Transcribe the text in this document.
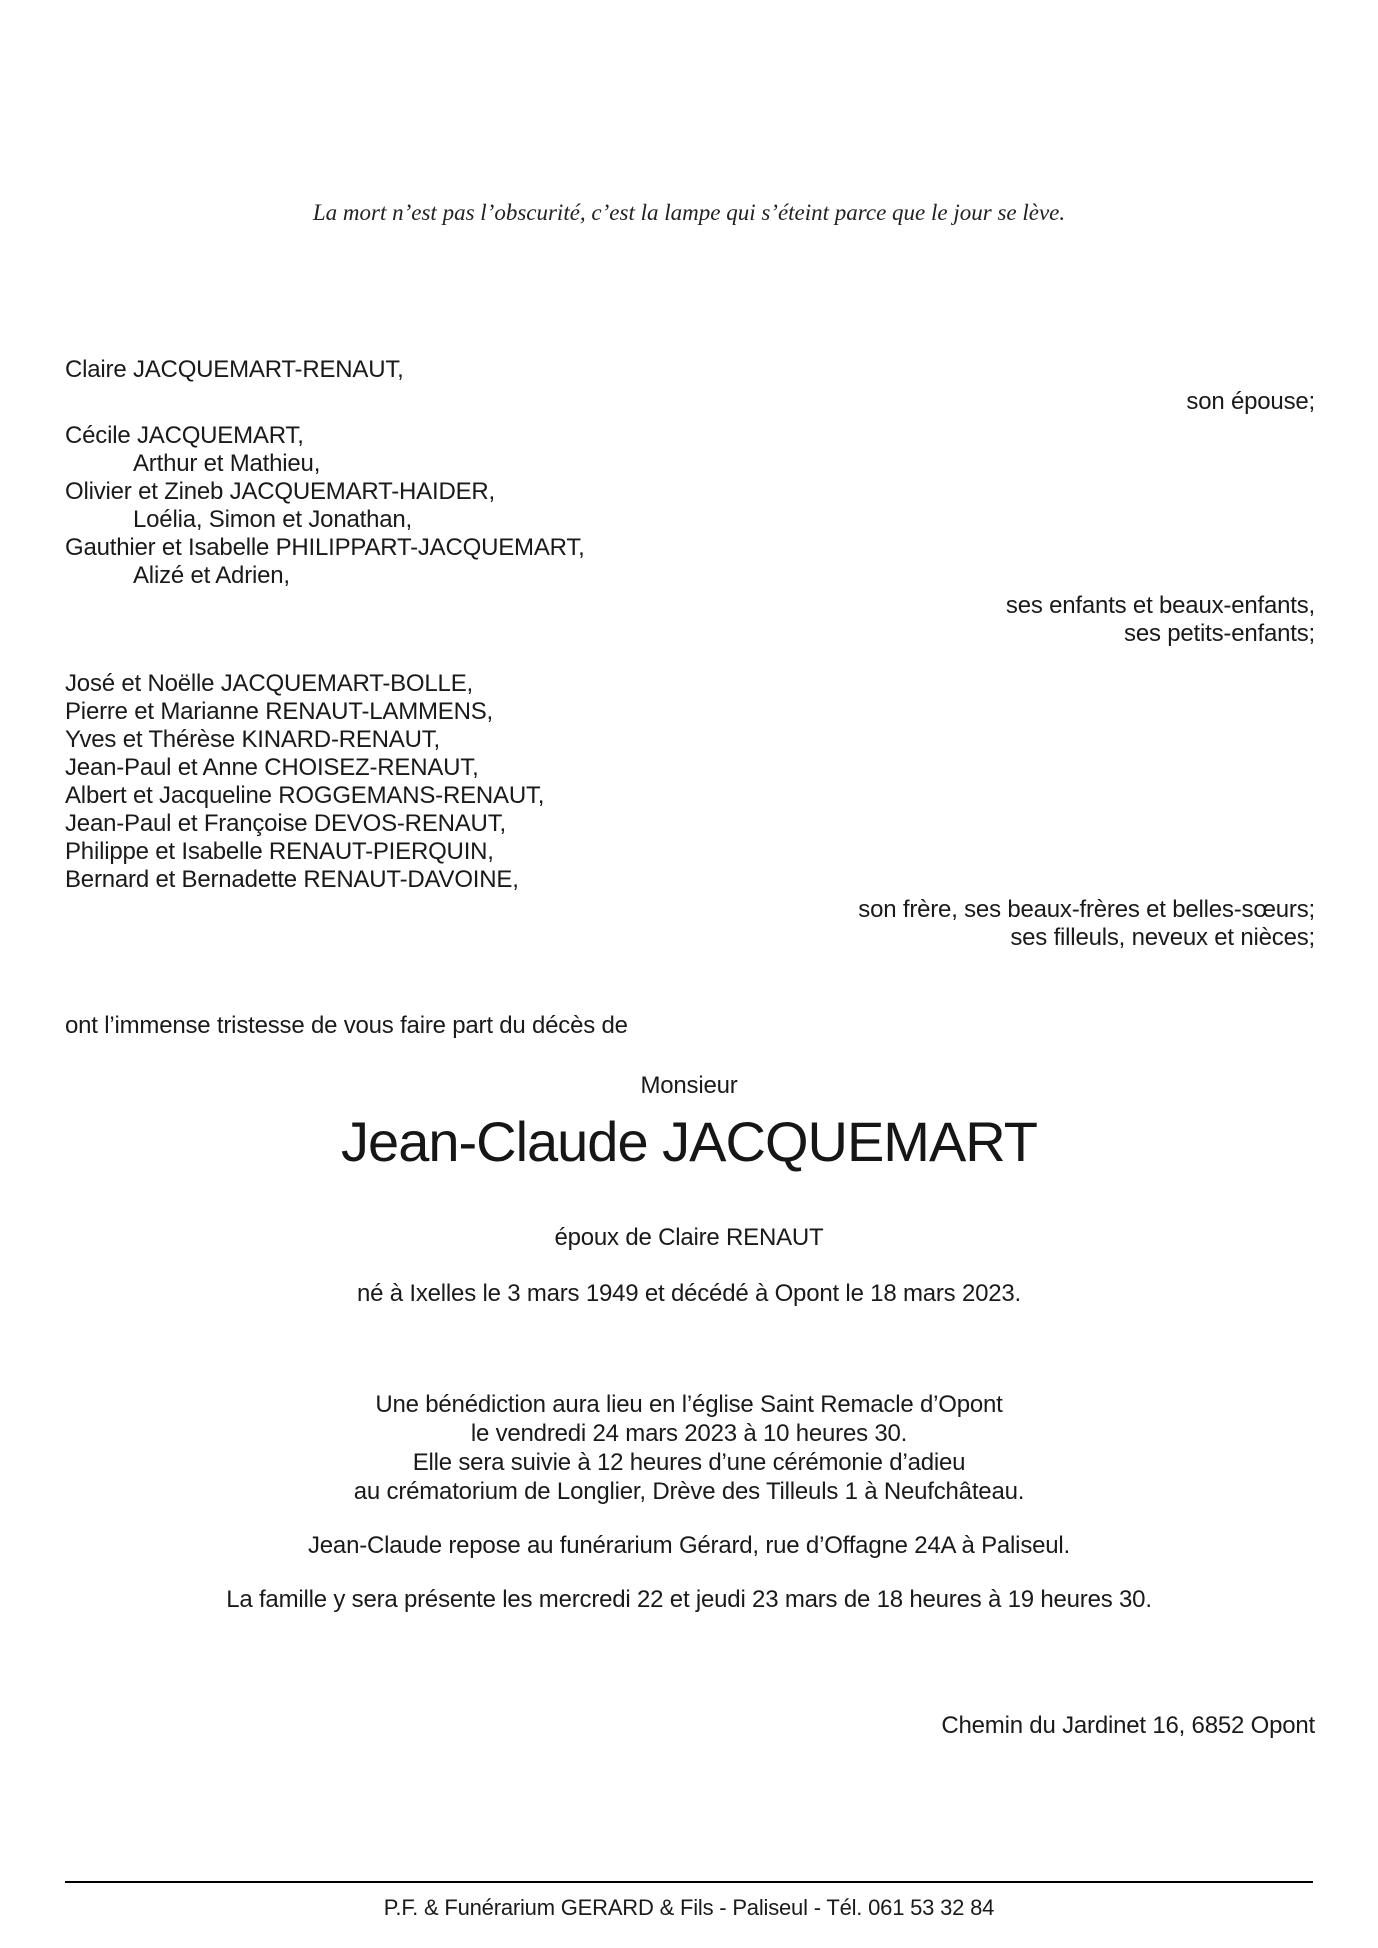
La mort n’est pas l’obscurité, c’est la lampe qui s’éteint parce que le jour se lève.
Claire JACQUEMART-RENAUT,
son épouse;
Cécile JACQUEMART,
Arthur et Mathieu,
Olivier et Zineb JACQUEMART-HAIDER,
Loélia, Simon et Jonathan,
Gauthier et Isabelle PHILIPPART-JACQUEMART,
Alizé et Adrien,
ses enfants et beaux-enfants,
ses petits-enfants;
José et Noëlle JACQUEMART-BOLLE,
Pierre et Marianne RENAUT-LAMMENS,
Yves et Thérèse KINARD-RENAUT,
Jean-Paul et Anne CHOISEZ-RENAUT,
Albert et Jacqueline ROGGEMANS-RENAUT,
Jean-Paul et Françoise DEVOS-RENAUT,
Philippe et Isabelle RENAUT-PIERQUIN,
Bernard et Bernadette RENAUT-DAVOINE,
son frère, ses beaux-frères et belles-sœurs;
ses filleuls, neveux et nièces;
ont l’immense tristesse de vous faire part du décès de
Monsieur
Jean-Claude JACQUEMART
époux de Claire RENAUT
né à Ixelles le 3 mars 1949 et décédé à Opont le 18 mars 2023.
Une bénédiction aura lieu en l’église Saint Remacle d’Opont
le vendredi 24 mars 2023 à 10 heures 30.
Elle sera suivie à 12 heures d’une cérémonie d’adieu
au crématorium de Longlier, Drève des Tilleuls 1 à Neufchâteau.
Jean-Claude repose au funérarium Gérard, rue d’Offagne 24A à Paliseul.
La famille y sera présente les mercredi 22 et jeudi 23 mars de 18 heures à 19 heures 30.
Chemin du Jardinet 16, 6852 Opont
P.F. & Funérarium GERARD & Fils - Paliseul - Tél. 061 53 32 84
